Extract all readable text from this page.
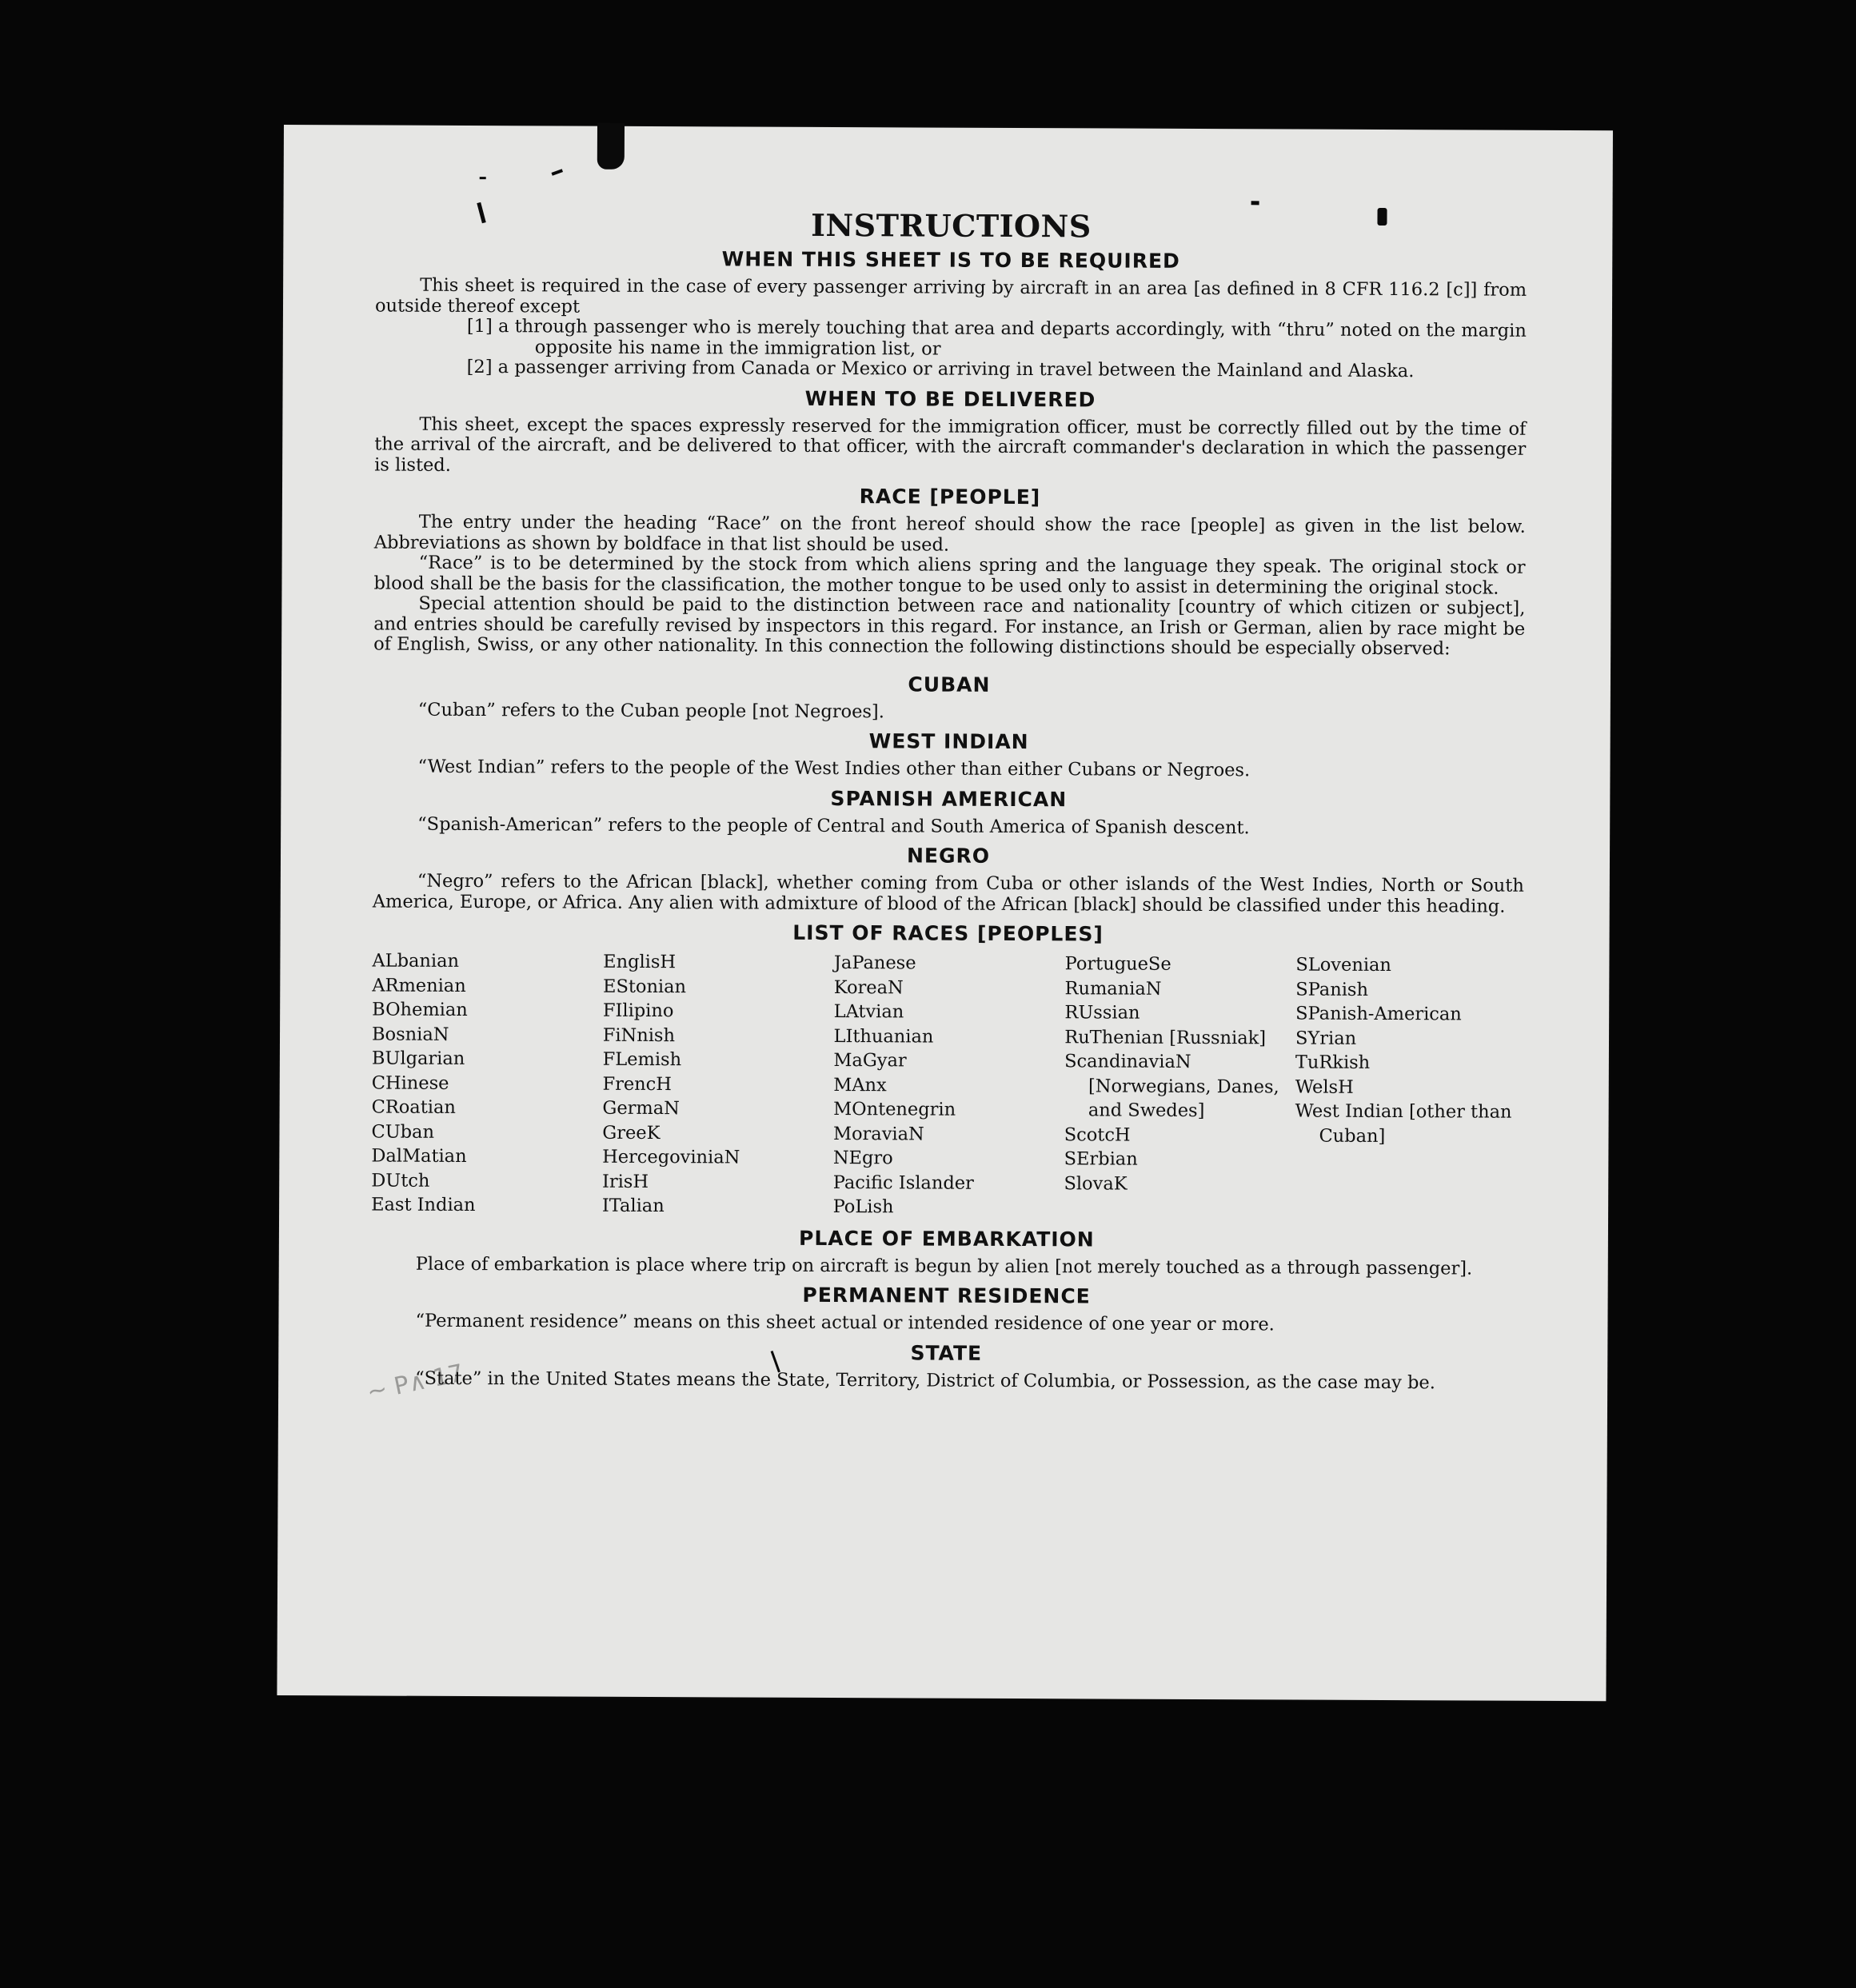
∼ P∧ 17
INSTRUCTIONS
WHEN THIS SHEET IS TO BE REQUIRED

This sheet is required in the case of every passenger arriving by aircraft in an area [as defined in 8 CFR 116.2 [c]] from outside thereof except

[1] a through passenger who is merely touching that area and departs accordingly, with “thru” noted on the margin opposite his name in the immigration list, or

[2] a passenger arriving from Canada or Mexico or arriving in travel between the Mainland and Alaska.

WHEN TO BE DELIVERED

This sheet, except the spaces expressly reserved for the immigration officer, must be correctly filled out by the time of the arrival of the aircraft, and be delivered to that officer, with the aircraft commander's declaration in which the passenger is listed.

RACE [PEOPLE]

The entry under the heading “Race” on the front hereof should show the race [people] as given in the list below. Abbreviations as shown by boldface in that list should be used.

“Race” is to be determined by the stock from which aliens spring and the language they speak. The original stock or blood shall be the basis for the classification, the mother tongue to be used only to assist in determining the original stock.

Special attention should be paid to the distinction between race and nationality [country of which citizen or subject], and entries should be carefully revised by inspectors in this regard. For instance, an Irish or German, alien by race might be of English, Swiss, or any other nationality. In this connection the following distinctions should be especially observed:

CUBAN

“Cuban” refers to the Cuban people [not Negroes].

WEST INDIAN

“West Indian” refers to the people of the West Indies other than either Cubans or Negroes.

SPANISH AMERICAN

“Spanish-American” refers to the people of Central and South America of Spanish descent.

NEGRO

“Negro” refers to the African [black], whether coming from Cuba or other islands of the West Indies, North or South America, Europe, or Africa. Any alien with admixture of blood of the African [black] should be classified under this heading.

LIST OF RACES [PEOPLES]
ALbanian
ARmenian
BOhemian
BosniaN
BUlgarian
CHinese
CRoatian
CUban
DalMatian
DUtch
East Indian
EnglisH
EStonian
FIlipino
FiNnish
FLemish
FrencH
GermaN
GreeK
HercegoviniaN
IrisH
ITalian
JaPanese
KoreaN
LAtvian
LIthuanian
MaGyar
MAnx
MOntenegrin
MoraviaN
NEgro
Pacific Islander
PoLish
PortugueSe
RumaniaN
RUssian
RuThenian [Russniak]
ScandinaviaN [Norwegians, Danes, and Swedes]
ScotcH
SErbian
SlovaK
SLovenian
SPanish
SPanish-American
SYrian
TuRkish
WelsH
West Indian [other than Cuban]
PLACE OF EMBARKATION

Place of embarkation is place where trip on aircraft is begun by alien [not merely touched as a through passenger].

PERMANENT RESIDENCE

“Permanent residence” means on this sheet actual or intended residence of one year or more.

STATE

“State” in the United States means the State, Territory, District of Columbia, or Possession, as the case may be.
